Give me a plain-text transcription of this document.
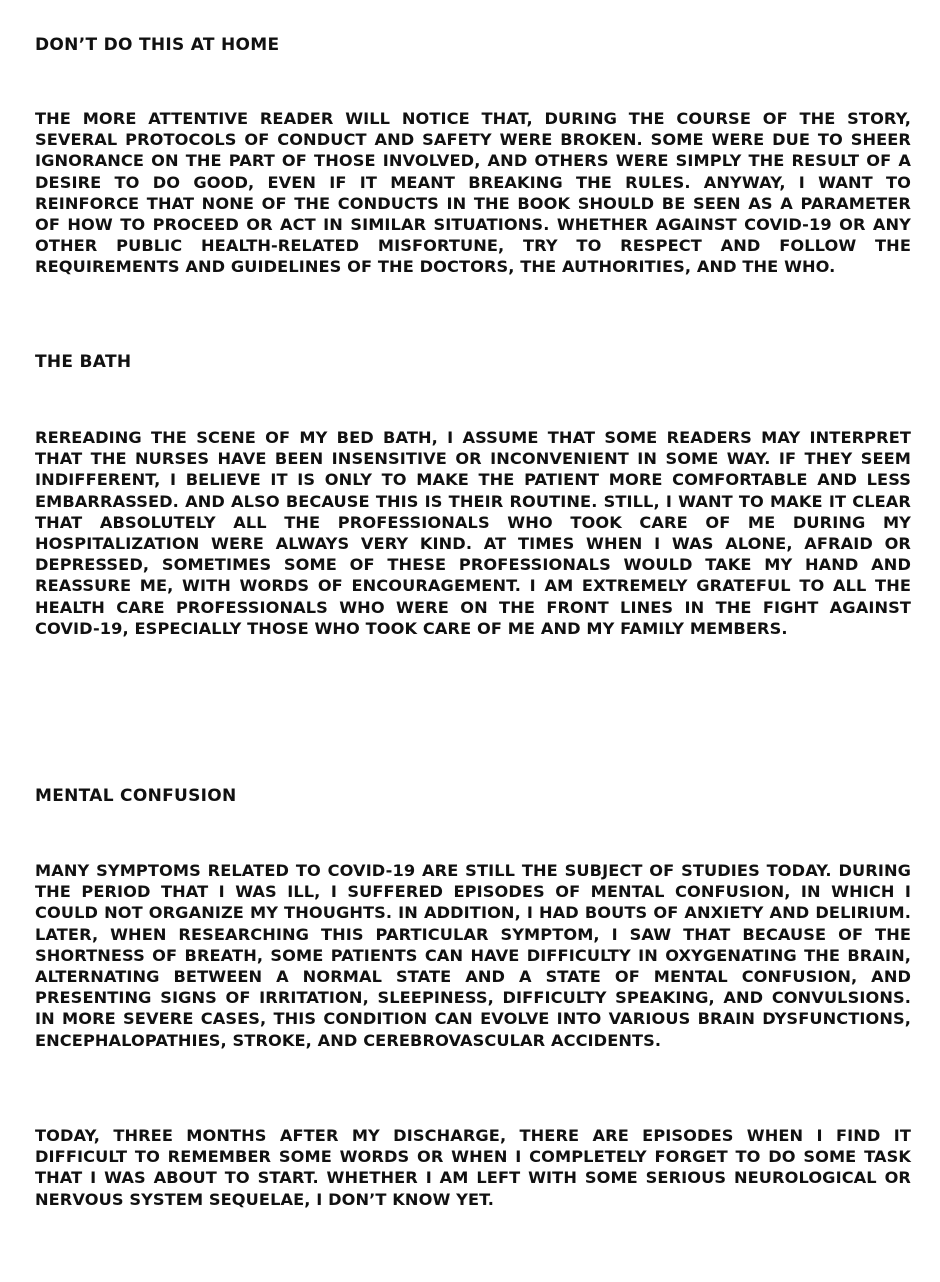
DON’T DO THIS AT HOME

THE MORE ATTENTIVE READER WILL NOTICE THAT, DURING THE COURSE OF THE STORY, SEVERAL PROTOCOLS OF CONDUCT AND SAFETY WERE BROKEN. SOME WERE DUE TO SHEER IGNORANCE ON THE PART OF THOSE INVOLVED, AND OTHERS WERE SIMPLY THE RESULT OF A DESIRE TO DO GOOD, EVEN IF IT MEANT BREAKING THE RULES. ANYWAY, I WANT TO REINFORCE THAT NONE OF THE CONDUCTS IN THE BOOK SHOULD BE SEEN AS A PARAMETER OF HOW TO PROCEED OR ACT IN SIMILAR SITUATIONS. WHETHER AGAINST COVID-19 OR ANY OTHER PUBLIC HEALTH-RELATED MISFORTUNE, TRY TO RESPECT AND FOLLOW THE REQUIREMENTS AND GUIDELINES OF THE DOCTORS, THE AUTHORITIES, AND THE WHO.

THE BATH

REREADING THE SCENE OF MY BED BATH, I ASSUME THAT SOME READERS MAY INTERPRET THAT THE NURSES HAVE BEEN INSENSITIVE OR INCONVENIENT IN SOME WAY. IF THEY SEEM INDIFFERENT, I BELIEVE IT IS ONLY TO MAKE THE PATIENT MORE COMFORTABLE AND LESS EMBARRASSED. AND ALSO BECAUSE THIS IS THEIR ROUTINE. STILL, I WANT TO MAKE IT CLEAR THAT ABSOLUTELY ALL THE PROFESSIONALS WHO TOOK CARE OF ME DURING MY HOSPITALIZATION WERE ALWAYS VERY KIND. AT TIMES WHEN I WAS ALONE, AFRAID OR DEPRESSED, SOMETIMES SOME OF THESE PROFESSIONALS WOULD TAKE MY HAND AND REASSURE ME, WITH WORDS OF ENCOURAGEMENT. I AM EXTREMELY GRATEFUL TO ALL THE HEALTH CARE PROFESSIONALS WHO WERE ON THE FRONT LINES IN THE FIGHT AGAINST COVID-19, ESPECIALLY THOSE WHO TOOK CARE OF ME AND MY FAMILY MEMBERS.

MENTAL CONFUSION

MANY SYMPTOMS RELATED TO COVID-19 ARE STILL THE SUBJECT OF STUDIES TODAY. DURING THE PERIOD THAT I WAS ILL, I SUFFERED EPISODES OF MENTAL CONFUSION, IN WHICH I COULD NOT ORGANIZE MY THOUGHTS. IN ADDITION, I HAD BOUTS OF ANXIETY AND DELIRIUM. LATER, WHEN RESEARCHING THIS PARTICULAR SYMPTOM, I SAW THAT BECAUSE OF THE SHORTNESS OF BREATH, SOME PATIENTS CAN HAVE DIFFICULTY IN OXYGENATING THE BRAIN, ALTERNATING BETWEEN A NORMAL STATE AND A STATE OF MENTAL CONFUSION, AND PRESENTING SIGNS OF IRRITATION, SLEEPINESS, DIFFICULTY SPEAKING, AND CONVULSIONS. IN MORE SEVERE CASES, THIS CONDITION CAN EVOLVE INTO VARIOUS BRAIN DYSFUNCTIONS, ENCEPHALOPATHIES, STROKE, AND CEREBROVASCULAR ACCIDENTS.

TODAY, THREE MONTHS AFTER MY DISCHARGE, THERE ARE EPISODES WHEN I FIND IT DIFFICULT TO REMEMBER SOME WORDS OR WHEN I COMPLETELY FORGET TO DO SOME TASK THAT I WAS ABOUT TO START. WHETHER I AM LEFT WITH SOME SERIOUS NEUROLOGICAL OR NERVOUS SYSTEM SEQUELAE, I DON’T KNOW YET.
